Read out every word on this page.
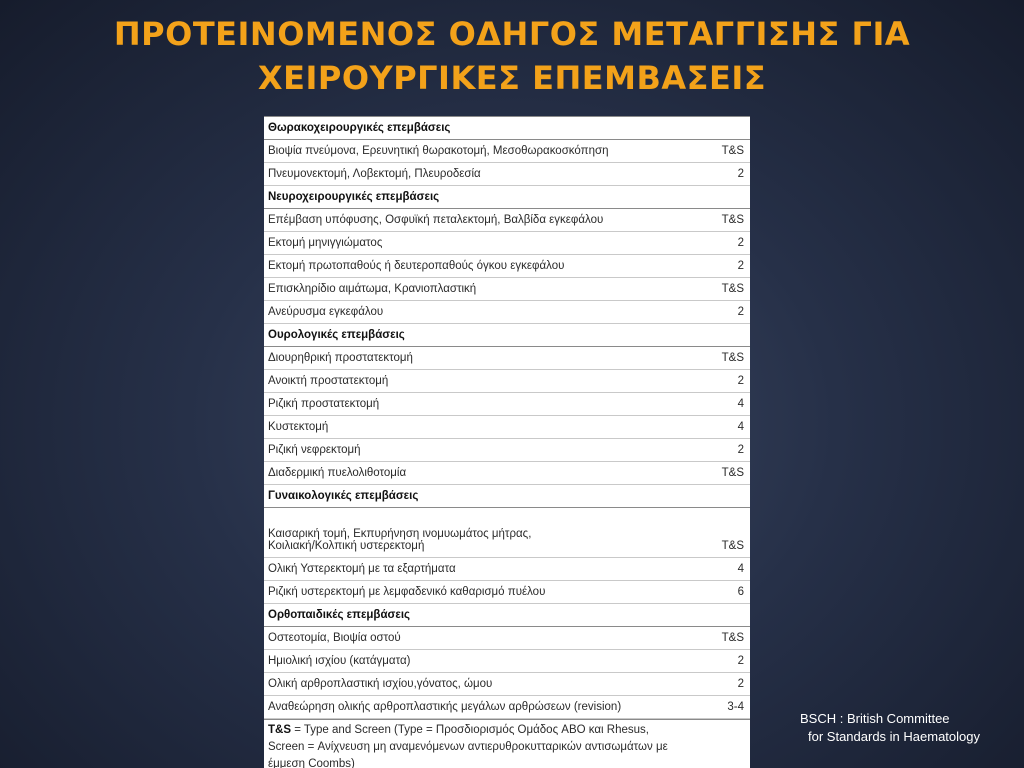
ΠΡΟΤΕΙΝΟΜΕΝΟΣ ΟΔΗΓΟΣ ΜΕΤΑΓΓΙΣΗΣ ΓΙΑ
ΧΕΙΡΟΥΡΓΙΚΕΣ ΕΠΕΜΒΑΣΕΙΣ
Θωρακοχειρουργικές επεμβάσεις	

Βιοψία πνεύμονα, Ερευνητική θωρακοτομή, Μεσοθωρακοσκόπηση	T&S

Πνευμονεκτομή, Λοβεκτομή, Πλευροδεσία	2
Νευροχειρουργικές επεμβάσεις	

Επέμβαση υπόφυσης, Οσφυϊκή πεταλεκτομή, Βαλβίδα εγκεφάλου	T&S

Εκτομή μηνιγγιώματος	2

Εκτομή πρωτοπαθούς ή δευτεροπαθούς όγκου εγκεφάλου	2

Επισκληρίδιο αιμάτωμα, Κρανιοπλαστική	T&S

Ανεύρυσμα εγκεφάλου	2
Ουρολογικές επεμβάσεις	

Διουρηθρική προστατεκτομή	T&S

Ανοικτή προστατεκτομή	2

Ριζική προστατεκτομή	4

Κυστεκτομή	4

Ριζική νεφρεκτομή	2

Διαδερμική πυελολιθοτομία	T&S
Γυναικολογικές επεμβάσεις	

Καισαρική τομή, Εκπυρήνηση ινομυωμάτος μήτρας,
Κοιλιακή/Κολπική υστερεκτομή	T&S

Ολική Υστερεκτομή με τα εξαρτήματα	4

Ριζική υστερεκτομή με λεμφαδενικό καθαρισμό πυέλου	6
Ορθοπαιδικές επεμβάσεις	

Οστεοτομία, Βιοψία οστού	T&S

Ημιολική ισχίου (κατάγματα)	2

Ολική αρθροπλαστική ισχίου,γόνατος, ώμου	2

Αναθεώρηση ολικής αρθροπλαστικής μεγάλων αρθρώσεων (revision)	3-4
T&S = Type and Screen (Type = Προσδιορισμός Ομάδος ABO και Rhesus,
Screen = Ανίχνευση μη αναμενόμενων αντιερυθροκυτταρικών αντισωμάτων με
έμμεση Coombs)
BSCH : British Committee
for Standards in Haematology
